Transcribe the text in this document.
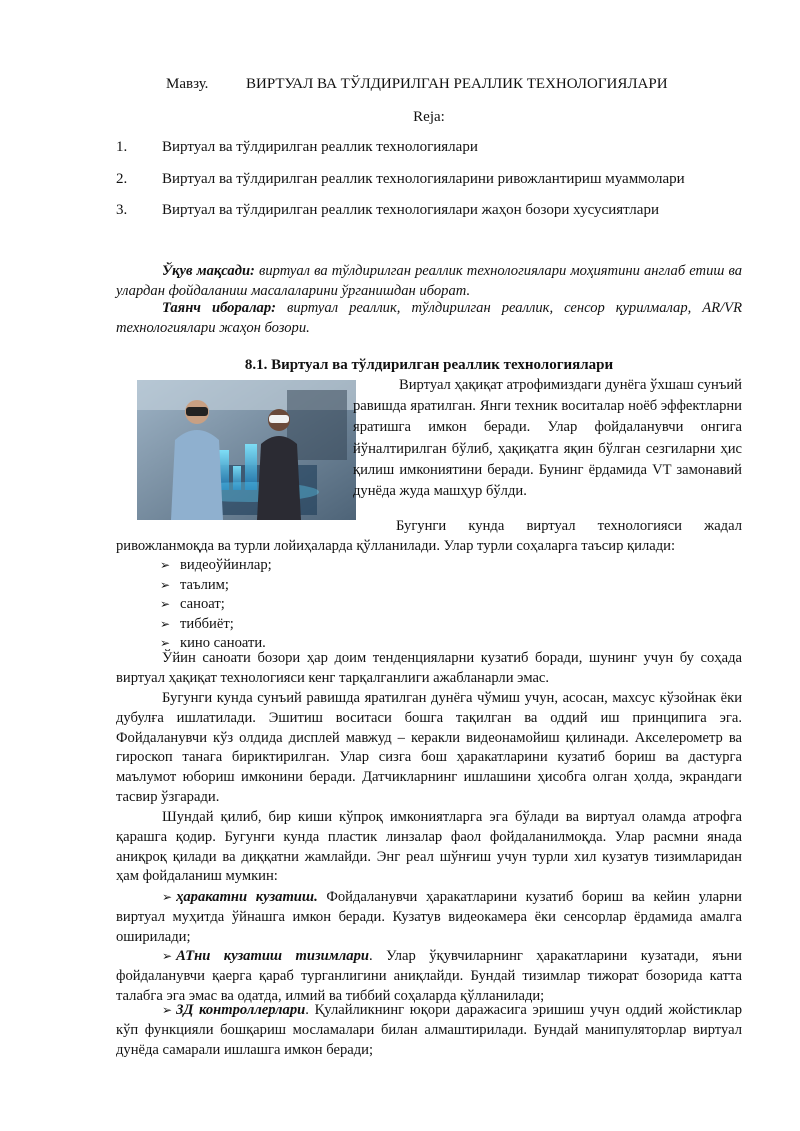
Мавзу.	ВИРТУАЛ ВА ТЎЛДИРИЛГАН РЕАЛЛИК ТЕХНОЛОГИЯЛАРИ
Reja:
1. Виртуал ва тўлдирилган реаллик технологиялари
2. Виртуал ва тўлдирилган реаллик технологияларини ривожлантириш муаммолари
3. Виртуал ва тўлдирилган реаллик технологиялари жаҳон бозори хусусиятлари
Ўқув мақсади: виртуал ва тўлдирилган реаллик технологиялари моҳиятини англаб етиш ва улардан фойдаланиш масалаларини ўрганишдан иборат.
Таянч иборалар: виртуал реаллик, тўлдирилган реаллик, сенсор қурилмалар, AR/VR технологиялари жаҳон бозори.
8.1. Виртуал ва тўлдирилган реаллик технологиялари
Виртуал ҳақиқат атрофимиздаги дунёга ўхшаш сунъий равишда яратилган. Янги техник воситалар ноёб эффектларни яратишга имкон беради. Улар фойдаланувчи онгига йўналтирилган бўлиб, ҳақиқатга яқин бўлган сезгиларни ҳис қилиш имкониятини беради. Бунинг ёрдамида VT замонавий дунёда жуда машҳур бўлди.
Бугунги кунда виртуал технологияси жадал ривожланмоқда ва турли лойиҳаларда қўлланилади. Улар турли соҳаларга таъсир қилади:
➢ видеоўйинлар;
➢ таълим;
➢ саноат;
➢ тиббиёт;
➢ кино саноати.
Ўйин саноати бозори ҳар доим тенденцияларни кузатиб боради, шунинг учун бу соҳада виртуал ҳақиқат технологияси кенг тарқалганлиги ажабланарли эмас.
Бугунги кунда сунъий равишда яратилган дунёга чўмиш учун, асосан, махсус кўзойнак ёки дубулға ишлатилади. Эшитиш воситаси бошга тақилган ва оддий иш принципига эга. Фойдаланувчи кўз олдида дисплей мавжуд – керакли видеонамойиш қилинади. Акселерометр ва гироскоп танага бириктирилган. Улар сизга бош ҳаракатларини кузатиб бориш ва дастурга маълумот юбориш имконини беради. Датчикларнинг ишлашини ҳисобга олган ҳолда, экрандаги тасвир ўзгаради.
Шундай қилиб, бир киши кўпроқ имкониятларга эга бўлади ва виртуал оламда атрофга қарашга қодир. Бугунги кунда пластик линзалар фаол фойдаланилмоқда. Улар расмни янада аниқроқ қилади ва диққатни жамлайди. Энг реал шўнғиш учун турли хил кузатув тизимларидан ҳам фойдаланиш мумкин:
➢ ҳаракатни кузатиш. Фойдаланувчи ҳаракатларини кузатиб бориш ва кейин уларни виртуал муҳитда ўйнашга имкон беради. Кузатув видеокамера ёки сенсорлар ёрдамида амалга оширилади;
➢ АТни кузатиш тизимлари. Улар ўқувчиларнинг ҳаракатларини кузатади, яъни фойдаланувчи қаерга қараб турганлигини аниқлайди. Бундай тизимлар тижорат бозорида катта талабга эга эмас ва одатда, илмий ва тиббий соҳаларда қўлланилади;
➢ 3Д контроллерлари. Қулайликнинг юқори даражасига эришиш учун оддий жойстиклар кўп функцияли бошқариш мосламалари билан алмаштирилади. Бундай манипуляторлар виртуал дунёда самарали ишлашга имкон беради;
